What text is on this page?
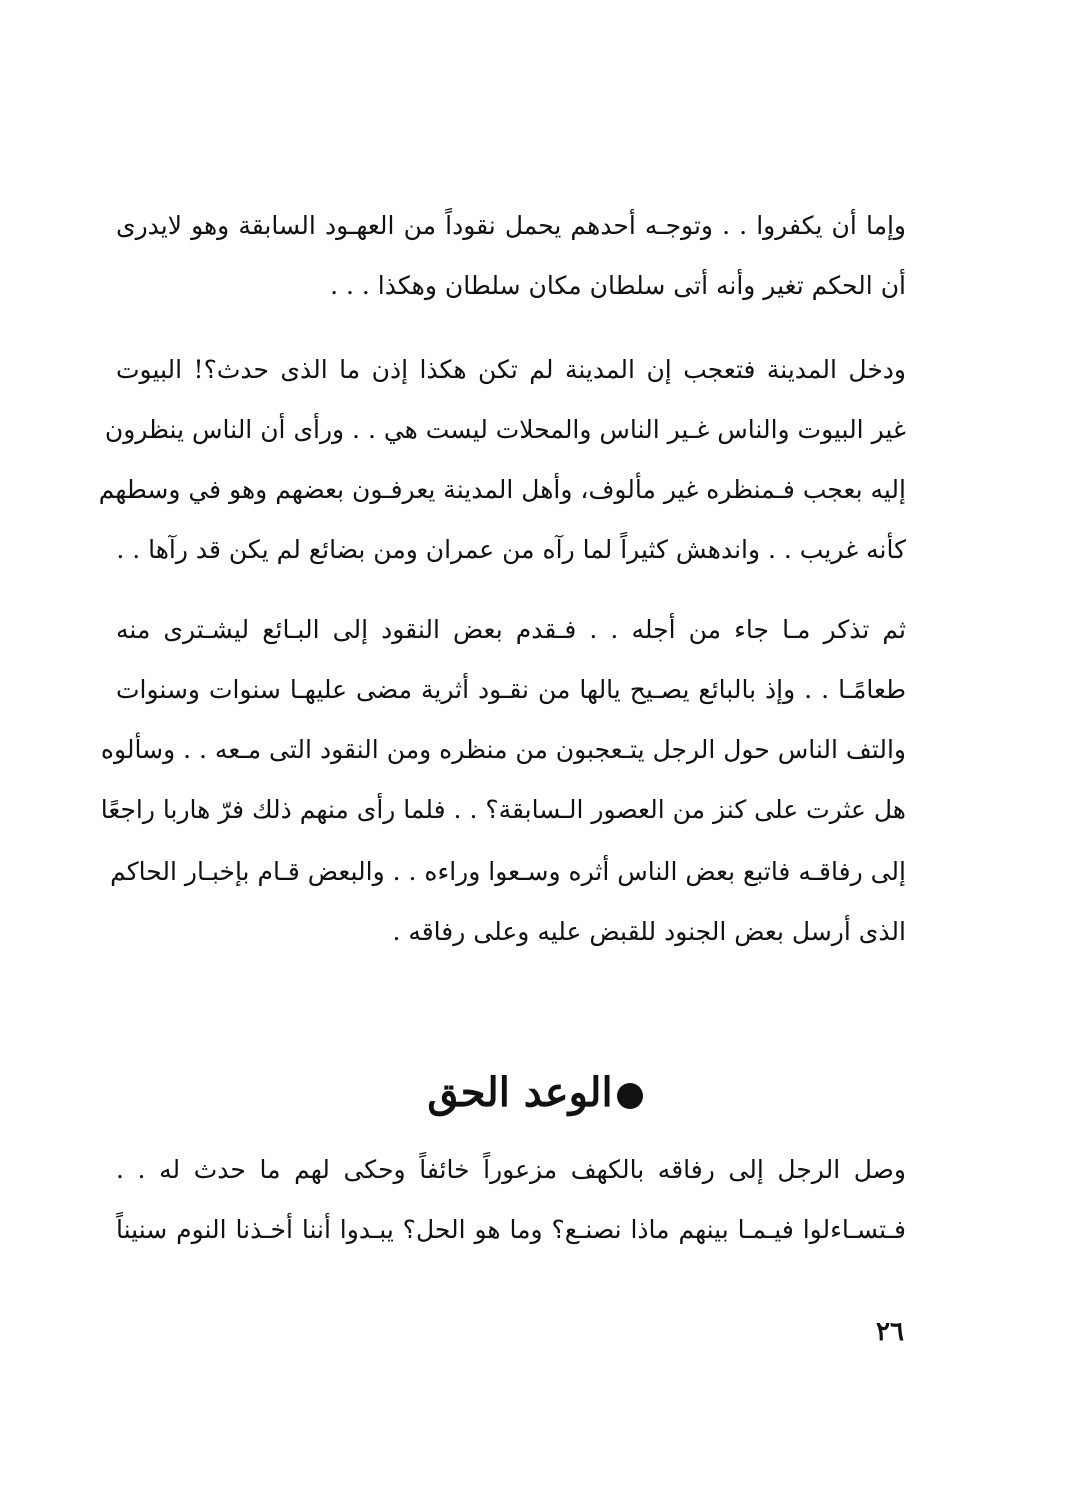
وإما أن يكفروا . . وتوجـه أحدهم يحمل نقوداً من العهـود السابقة وهو لايدرى
أن الحكم تغير وأنه أتى سلطان مكان سلطان وهكذا . . .
ودخل المدينة فتعجب إن المدينة لم تكن هكذا إذن ما الذى حدث؟! البيوت
غير البيوت والناس غـير الناس والمحلات ليست هي . . ورأى أن الناس ينظرون
إليه بعجب فـمنظره غير مألوف، وأهل المدينة يعرفـون بعضهم وهو في وسطهم
كأنه غريب . . واندهش كثيراً لما رآه من عمران ومن بضائع لم يكن قد رآها . .
ثم تذكر مـا جاء من أجله . . فـقدم بعض النقود إلى البـائع ليشـترى منه
طعامًـا . . وإذ بالبائع يصـيح يالها من نقـود أثرية مضى عليهـا سنوات وسنوات
والتف الناس حول الرجل يتـعجبون من منظره ومن النقود التى مـعه . . وسألوه
هل عثرت على كنز من العصور الـسابقة؟ . . فلما رأى منهم ذلك فرّ هاربا راجعًا
إلى رفاقـه فاتبع بعض الناس أثره وسـعوا وراءه . . والبعض قـام بإخبـار الحاكم
الذى أرسل بعض الجنود للقبض عليه وعلى رفاقه .
الوعد الحق
وصل الرجل إلى رفاقه بالكهف مزعوراً خائفاً وحكى لهم ما حدث له . .
فـتسـاءلوا فيـمـا بينهم ماذا نصنـع؟ وما هو الحل؟ يبـدوا أننا أخـذنا النوم سنيناً
٢٦
